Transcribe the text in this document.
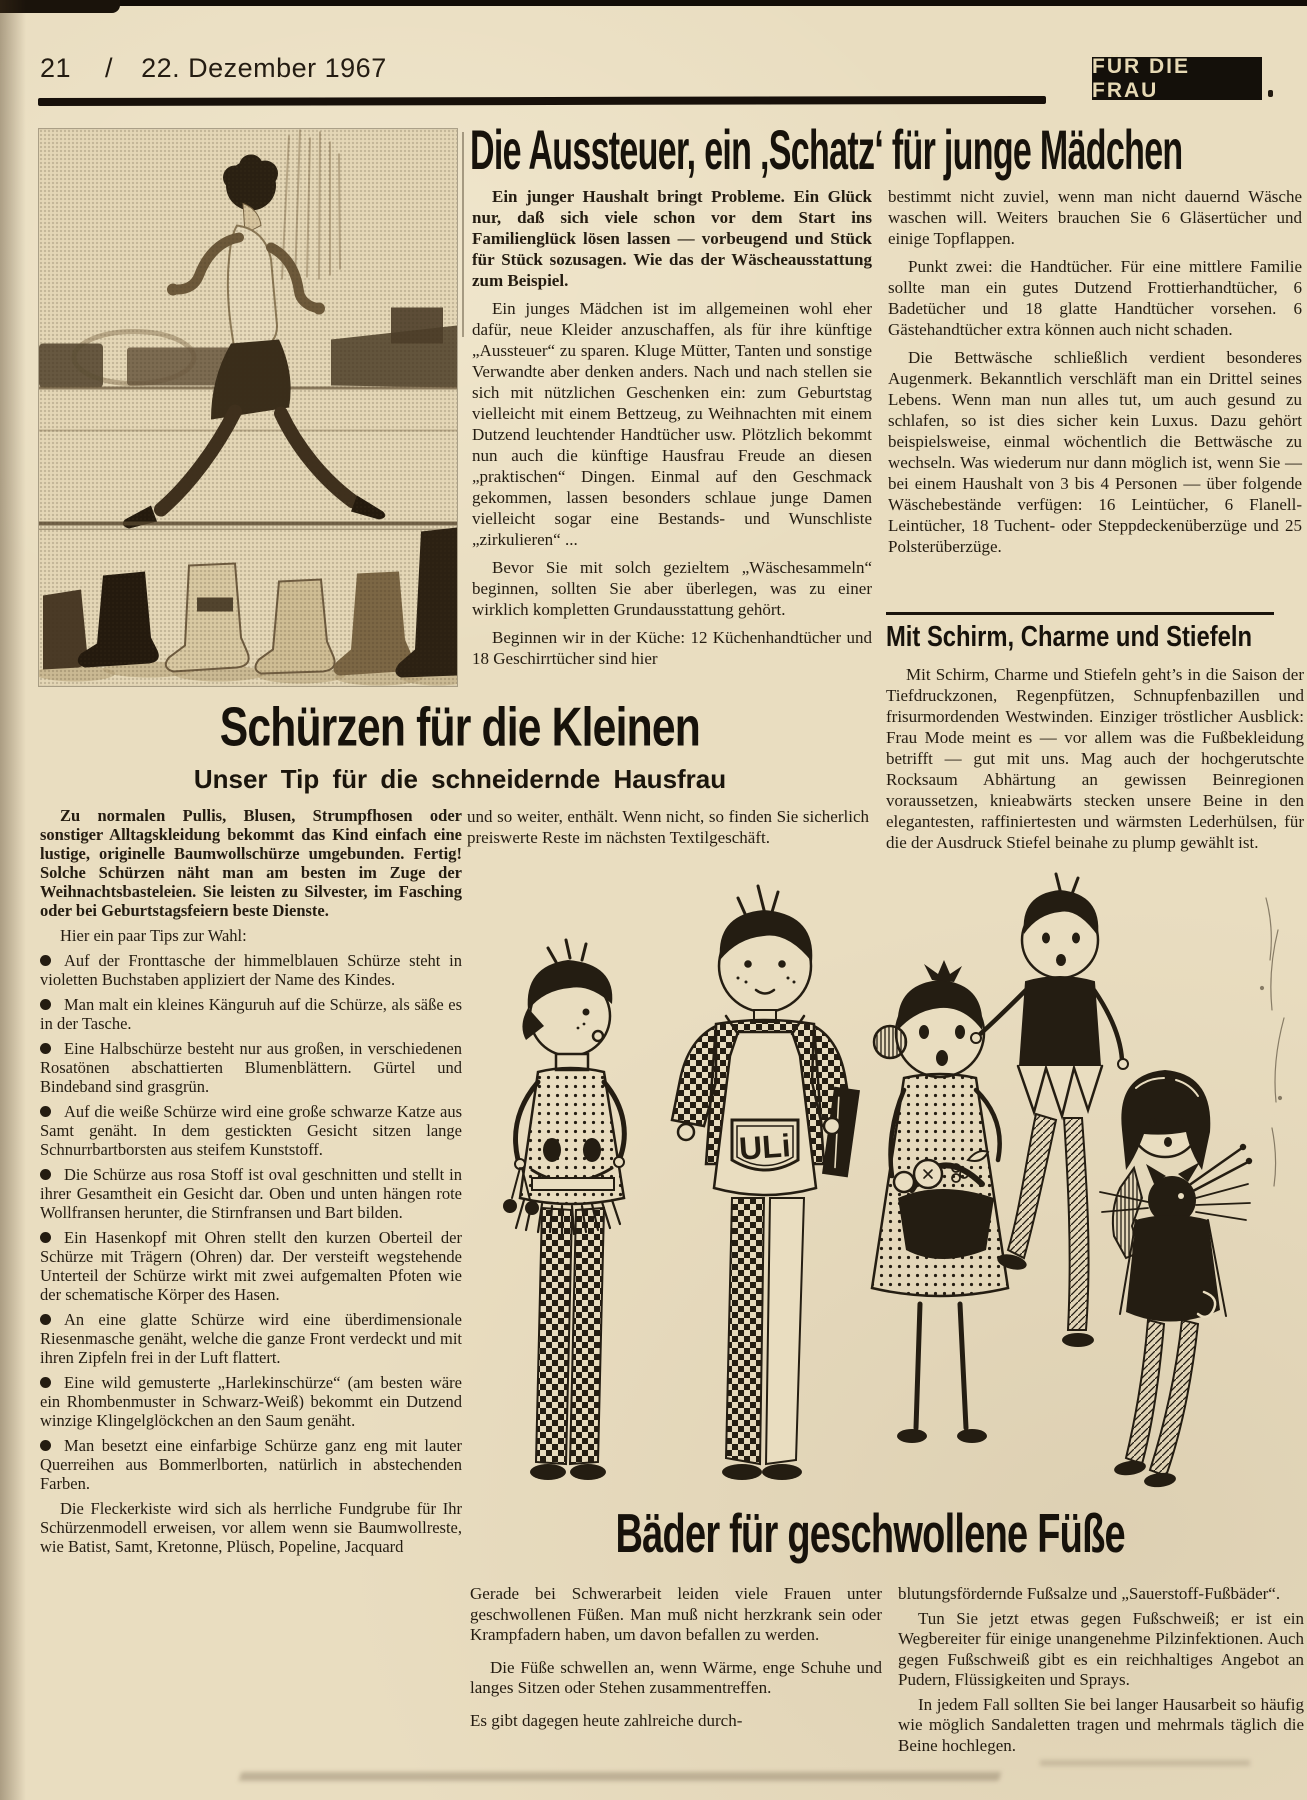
21 / 22. Dezember 1967	FÜR DIE FRAU
Die Aussteuer, ein ‚Schatz‘ für junge Mädchen

Ein junger Haushalt bringt Probleme. Ein Glück nur, daß sich viele schon vor dem Start ins Familienglück lösen lassen — vorbeugend und Stück für Stück sozusagen. Wie das der Wäscheausstattung zum Beispiel.

Ein junges Mädchen ist im allgemeinen wohl eher dafür, neue Kleider anzuschaffen, als für ihre künftige „Aussteuer“ zu sparen. Kluge Mütter, Tanten und sonstige Verwandte aber denken anders. Nach und nach stellen sie sich mit nützlichen Geschenken ein: zum Geburtstag vielleicht mit einem Bettzeug, zu Weihnachten mit einem Dutzend leuchtender Handtücher usw. Plötzlich bekommt nun auch die künftige Hausfrau Freude an diesen „praktischen“ Dingen. Einmal auf den Geschmack gekommen, lassen besonders schlaue junge Damen vielleicht sogar eine Bestands- und Wunschliste „zirkulieren“ ...

Bevor Sie mit solch gezieltem „Wäschesammeln“ beginnen, sollten Sie aber überlegen, was zu einer wirklich kompletten Grundausstattung gehört.

Beginnen wir in der Küche: 12 Küchenhandtücher und 18 Geschirrtücher sind hier

bestimmt nicht zuviel, wenn man nicht dauernd Wäsche waschen will. Weiters brauchen Sie 6 Gläsertücher und einige Topflappen.

Punkt zwei: die Handtücher. Für eine mittlere Familie sollte man ein gutes Dutzend Frottierhandtücher, 6 Badetücher und 18 glatte Handtücher vorsehen. 6 Gästehandtücher extra können auch nicht schaden.

Die Bettwäsche schließlich verdient besonderes Augenmerk. Bekanntlich verschläft man ein Drittel seines Lebens. Wenn man nun alles tut, um auch gesund zu schlafen, so ist dies sicher kein Luxus. Dazu gehört beispielsweise, einmal wöchentlich die Bettwäsche zu wechseln. Was wiederum nur dann möglich ist, wenn Sie — bei einem Haushalt von 3 bis 4 Personen — über folgende Wäschebestände verfügen: 16 Leintücher, 6 Flanell-Leintücher, 18 Tuchent- oder Steppdeckenüberzüge und 25 Polsterüberzüge.

Mit Schirm, Charme und Stiefeln

Mit Schirm, Charme und Stiefeln geht’s in die Saison der Tiefdruckzonen, Regenpfützen, Schnupfenbazillen und frisurmordenden Westwinden. Einziger tröstlicher Ausblick: Frau Mode meint es — vor allem was die Fußbekleidung betrifft — gut mit uns. Mag auch der hochgerutschte Rocksaum Abhärtung an gewissen Beinregionen voraussetzen, knieabwärts stecken unsere Beine in den elegantesten, raffiniertesten und wärmsten Lederhülsen, für die der Ausdruck Stiefel beinahe zu plump gewählt ist.

Schürzen für die Kleinen
Unser Tip für die schneidernde Hausfrau

Zu normalen Pullis, Blusen, Strumpfhosen oder sonstiger Alltagskleidung bekommt das Kind einfach eine lustige, originelle Baumwollschürze umgebunden. Fertig! Solche Schürzen näht man am besten im Zuge der Weihnachtsbasteleien. Sie leisten zu Silvester, im Fasching oder bei Geburtstagsfeiern beste Dienste.

Hier ein paar Tips zur Wahl:

Auf der Fronttasche der himmelblauen Schürze steht in violetten Buchstaben appliziert der Name des Kindes.

Man malt ein kleines Känguruh auf die Schürze, als säße es in der Tasche.

Eine Halbschürze besteht nur aus großen, in verschiedenen Rosatönen abschattierten Blumenblättern. Gürtel und Bindeband sind grasgrün.

Auf die weiße Schürze wird eine große schwarze Katze aus Samt genäht. In dem gestickten Gesicht sitzen lange Schnurrbartborsten aus steifem Kunststoff.

Die Schürze aus rosa Stoff ist oval geschnitten und stellt in ihrer Gesamtheit ein Gesicht dar. Oben und unten hängen rote Wollfransen herunter, die Stirnfransen und Bart bilden.

Ein Hasenkopf mit Ohren stellt den kurzen Oberteil der Schürze mit Trägern (Ohren) dar. Der versteift wegstehende Unterteil der Schürze wirkt mit zwei aufgemalten Pfoten wie der schematische Körper des Hasen.

An eine glatte Schürze wird eine überdimensionale Riesenmasche genäht, welche die ganze Front verdeckt und mit ihren Zipfeln frei in der Luft flattert.

Eine wild gemusterte „Harlekinschürze“ (am besten wäre ein Rhombenmuster in Schwarz-Weiß) bekommt ein Dutzend winzige Klingelglöckchen an den Saum genäht.

Man besetzt eine einfarbige Schürze ganz eng mit lauter Querreihen aus Bommerlborten, natürlich in abstechenden Farben.

Die Fleckerkiste wird sich als herrliche Fundgrube für Ihr Schürzenmodell erweisen, vor allem wenn sie Baumwollreste, wie Batist, Samt, Kretonne, Plüsch, Popeline, Jacquard

und so weiter, enthält. Wenn nicht, so finden Sie sicherlich preiswerte Reste im nächsten Textilgeschäft.

ULi
Bäder für geschwollene Füße

Gerade bei Schwerarbeit leiden viele Frauen unter geschwollenen Füßen. Man muß nicht herzkrank sein oder Krampfadern haben, um davon befallen zu werden.

Die Füße schwellen an, wenn Wärme, enge Schuhe und langes Sitzen oder Stehen zusammentreffen.

Es gibt dagegen heute zahlreiche durch-

blutungsfördernde Fußsalze und „Sauerstoff-Fußbäder“.

Tun Sie jetzt etwas gegen Fußschweiß; er ist ein Wegbereiter für einige unangenehme Pilzinfektionen. Auch gegen Fußschweiß gibt es ein reichhaltiges Angebot an Pudern, Flüssigkeiten und Sprays.

In jedem Fall sollten Sie bei langer Hausarbeit so häufig wie möglich Sandaletten tragen und mehrmals täglich die Beine hochlegen.
